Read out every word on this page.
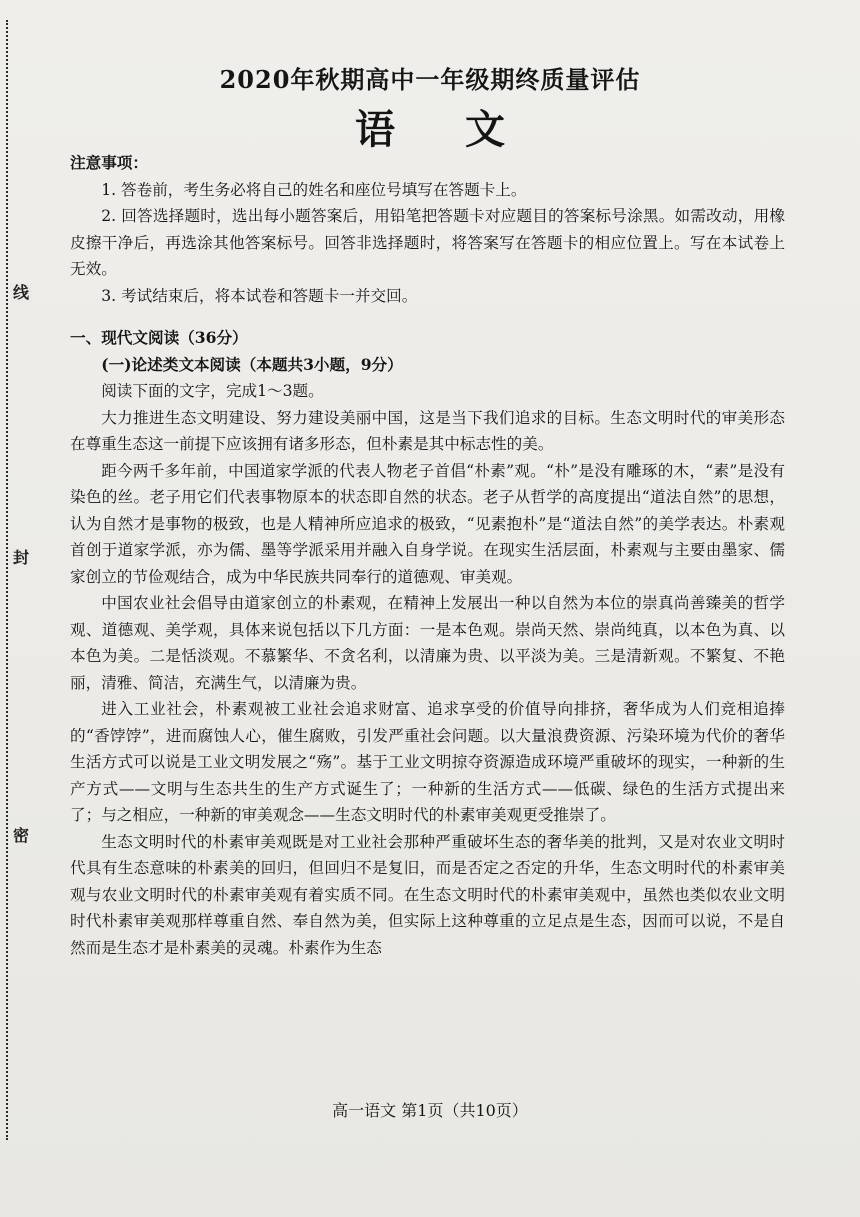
线
封
密
2020年秋期高中一年级期终质量评估
语文

注意事项：

1. 答卷前，考生务必将自己的姓名和座位号填写在答题卡上。

2. 回答选择题时，选出每小题答案后，用铅笔把答题卡对应题目的答案标号涂黑。如需改动，用橡皮擦干净后，再选涂其他答案标号。回答非选择题时，将答案写在答题卡的相应位置上。写在本试卷上无效。

3. 考试结束后，将本试卷和答题卡一并交回。

一、现代文阅读（36分）

(一)论述类文本阅读（本题共3小题，9分）

阅读下面的文字，完成1～3题。

大力推进生态文明建设、努力建设美丽中国，这是当下我们追求的目标。生态文明时代的审美形态在尊重生态这一前提下应该拥有诸多形态，但朴素是其中标志性的美。

距今两千多年前，中国道家学派的代表人物老子首倡“朴素”观。“朴”是没有雕琢的木，“素”是没有染色的丝。老子用它们代表事物原本的状态即自然的状态。老子从哲学的高度提出“道法自然”的思想，认为自然才是事物的极致，也是人精神所应追求的极致，“见素抱朴”是“道法自然”的美学表达。朴素观首创于道家学派，亦为儒、墨等学派采用并融入自身学说。在现实生活层面，朴素观与主要由墨家、儒家创立的节俭观结合，成为中华民族共同奉行的道德观、审美观。

中国农业社会倡导由道家创立的朴素观，在精神上发展出一种以自然为本位的崇真尚善臻美的哲学观、道德观、美学观，具体来说包括以下几方面：一是本色观。崇尚天然、崇尚纯真，以本色为真、以本色为美。二是恬淡观。不慕繁华、不贪名利，以清廉为贵、以平淡为美。三是清新观。不繁复、不艳丽，清雅、简洁，充满生气，以清廉为贵。

进入工业社会，朴素观被工业社会追求财富、追求享受的价值导向排挤，奢华成为人们竞相追捧的“香饽饽”，进而腐蚀人心，催生腐败，引发严重社会问题。以大量浪费资源、污染环境为代价的奢华生活方式可以说是工业文明发展之“殇”。基于工业文明掠夺资源造成环境严重破坏的现实，一种新的生产方式——文明与生态共生的生产方式诞生了；一种新的生活方式——低碳、绿色的生活方式提出来了；与之相应，一种新的审美观念——生态文明时代的朴素审美观更受推崇了。

生态文明时代的朴素审美观既是对工业社会那种严重破坏生态的奢华美的批判，又是对农业文明时代具有生态意味的朴素美的回归，但回归不是复旧，而是否定之否定的升华，生态文明时代的朴素审美观与农业文明时代的朴素审美观有着实质不同。在生态文明时代的朴素审美观中，虽然也类似农业文明时代朴素审美观那样尊重自然、奉自然为美，但实际上这种尊重的立足点是生态，因而可以说，不是自然而是生态才是朴素美的灵魂。朴素作为生态

高一语文 第1页（共10页）
